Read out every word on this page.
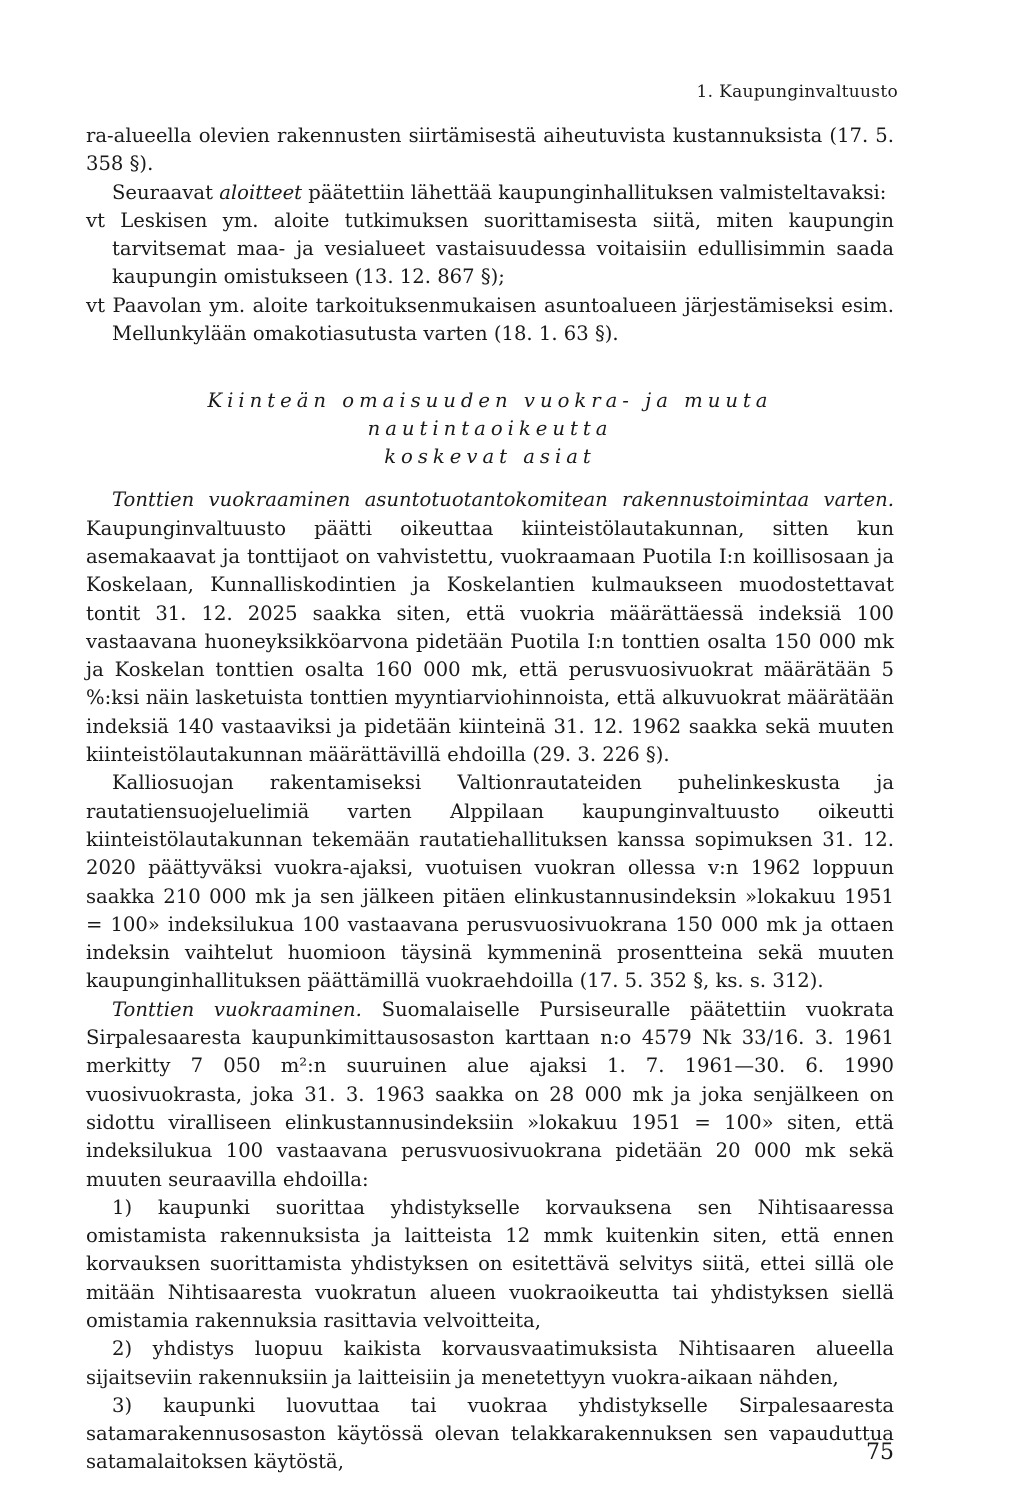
1. Kaupunginvaltuusto

ra-alueella olevien rakennusten siirtämisestä aiheutuvista kustannuksista (17. 5. 358 §).

Seuraavat aloitteet päätettiin lähettää kaupunginhallituksen valmisteltavaksi:

vt Leskisen ym. aloite tutkimuksen suorittamisesta siitä, miten kaupungin tarvitsemat maa- ja vesialueet vastaisuudessa voitaisiin edullisimmin saada kaupungin omistukseen (13. 12. 867 §);

vt Paavolan ym. aloite tarkoituksenmukaisen asuntoalueen järjestämiseksi esim. Mellunkylään omakotiasutusta varten (18. 1. 63 §).

Kiinteän omaisuuden vuokra- ja muuta nautintaoikeutta
koskevat asiat

Tonttien vuokraaminen asuntotuotantokomitean rakennustoimintaa varten. Kaupunginvaltuusto päätti oikeuttaa kiinteistölautakunnan, sitten kun asemakaavat ja tonttijaot on vahvistettu, vuokraamaan Puotila I:n koillisosaan ja Koskelaan, Kunnalliskodintien ja Koskelantien kulmaukseen muodostettavat tontit 31. 12. 2025 saakka siten, että vuokria määrättäessä indeksiä 100 vastaavana huoneyksikköarvona pidetään Puotila I:n tonttien osalta 150 000 mk ja Koskelan tonttien osalta 160 000 mk, että perusvuosivuokrat määrätään 5 %:ksi näin lasketuista tonttien myyntiarviohinnoista, että alkuvuokrat määrätään indeksiä 140 vastaaviksi ja pidetään kiinteinä 31. 12. 1962 saakka sekä muuten kiinteistölautakunnan määrättävillä ehdoilla (29. 3. 226 §).

Kalliosuojan rakentamiseksi Valtionrautateiden puhelinkeskusta ja rautatiensuojeluelimiä varten Alppilaan kaupunginvaltuusto oikeutti kiinteistölautakunnan tekemään rautatiehallituksen kanssa sopimuksen 31. 12. 2020 päättyväksi vuokra-ajaksi, vuotuisen vuokran ollessa v:n 1962 loppuun saakka 210 000 mk ja sen jälkeen pitäen elinkustannusindeksin »lokakuu 1951 = 100» indeksilukua 100 vastaavana perusvuosivuokrana 150 000 mk ja ottaen indeksin vaihtelut huomioon täysinä kymmeninä prosentteina sekä muuten kaupunginhallituksen päättämillä vuokraehdoilla (17. 5. 352 §, ks. s. 312).

Tonttien vuokraaminen. Suomalaiselle Pursiseuralle päätettiin vuokrata Sirpalesaaresta kaupunkimittausosaston karttaan n:o 4579 Nk 33/16. 3. 1961 merkitty 7 050 m²:n suuruinen alue ajaksi 1. 7. 1961—30. 6. 1990 vuosivuokrasta, joka 31. 3. 1963 saakka on 28 000 mk ja joka senjälkeen on sidottu viralliseen elinkustannusindeksiin »lokakuu 1951 = 100» siten, että indeksilukua 100 vastaavana perusvuosivuokrana pidetään 20 000 mk sekä muuten seuraavilla ehdoilla:

1) kaupunki suorittaa yhdistykselle korvauksena sen Nihtisaaressa omistamista rakennuksista ja laitteista 12 mmk kuitenkin siten, että ennen korvauksen suorittamista yhdistyksen on esitettävä selvitys siitä, ettei sillä ole mitään Nihtisaaresta vuokratun alueen vuokraoikeutta tai yhdistyksen siellä omistamia rakennuksia rasittavia velvoitteita,

2) yhdistys luopuu kaikista korvausvaatimuksista Nihtisaaren alueella sijaitseviin rakennuksiin ja laitteisiin ja menetettyyn vuokra-aikaan nähden,

3) kaupunki luovuttaa tai vuokraa yhdistykselle Sirpalesaaresta satamarakennusosaston käytössä olevan telakkarakennuksen sen vapauduttua satamalaitoksen käytöstä,	75
